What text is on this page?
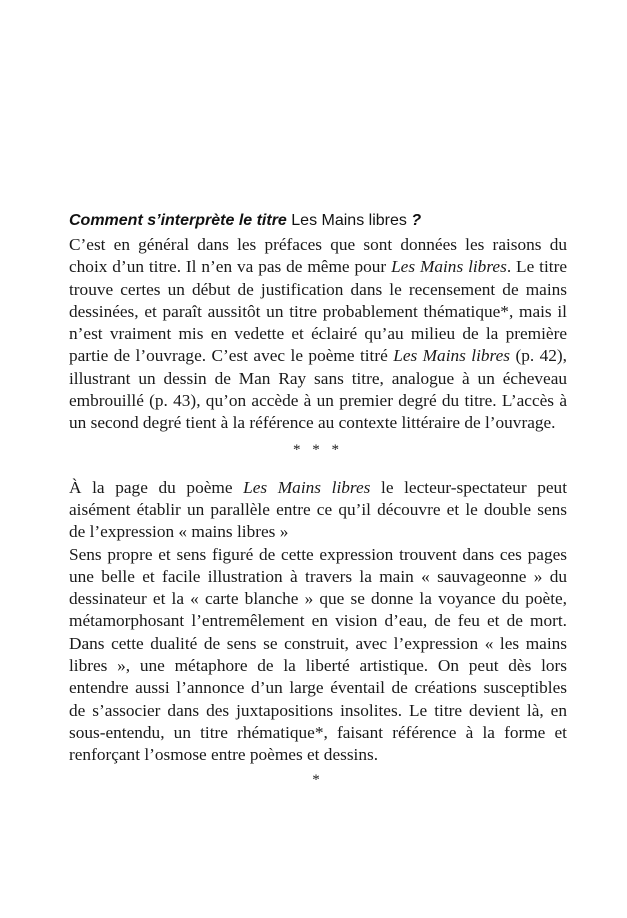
Comment s’interprète le titre Les Mains libres ?

C’est en général dans les préfaces que sont données les raisons du choix d’un titre. Il n’en va pas de même pour Les Mains libres. Le titre trouve certes un début de justification dans le recensement de mains dessinées, et paraît aussitôt un titre probablement thématique*, mais il n’est vraiment mis en vedette et éclairé qu’au milieu de la première partie de l’ouvrage. C’est avec le poème titré Les Mains libres (p. 42), illustrant un dessin de Man Ray sans titre, analogue à un écheveau embrouillé (p. 43), qu’on accède à un premier degré du titre. L’accès à un second degré tient à la référence au contexte littéraire de l’ouvrage.

* * *

À la page du poème Les Mains libres le lecteur-spectateur peut aisément établir un parallèle entre ce qu’il découvre et le double sens de l’expression « mains libres »

Sens propre et sens figuré de cette expression trouvent dans ces pages une belle et facile illustration à travers la main « sauvageonne » du dessinateur et la « carte blanche » que se donne la voyance du poète, métamorphosant l’entremêlement en vision d’eau, de feu et de mort. Dans cette dualité de sens se construit, avec l’expression « les mains libres », une métaphore de la liberté artistique. On peut dès lors entendre aussi l’annonce d’un large éventail de créations susceptibles de s’associer dans des juxtapositions insolites. Le titre devient là, en sous-entendu, un titre rhématique*, faisant référence à la forme et renforçant l’osmose entre poèmes et dessins.

*
